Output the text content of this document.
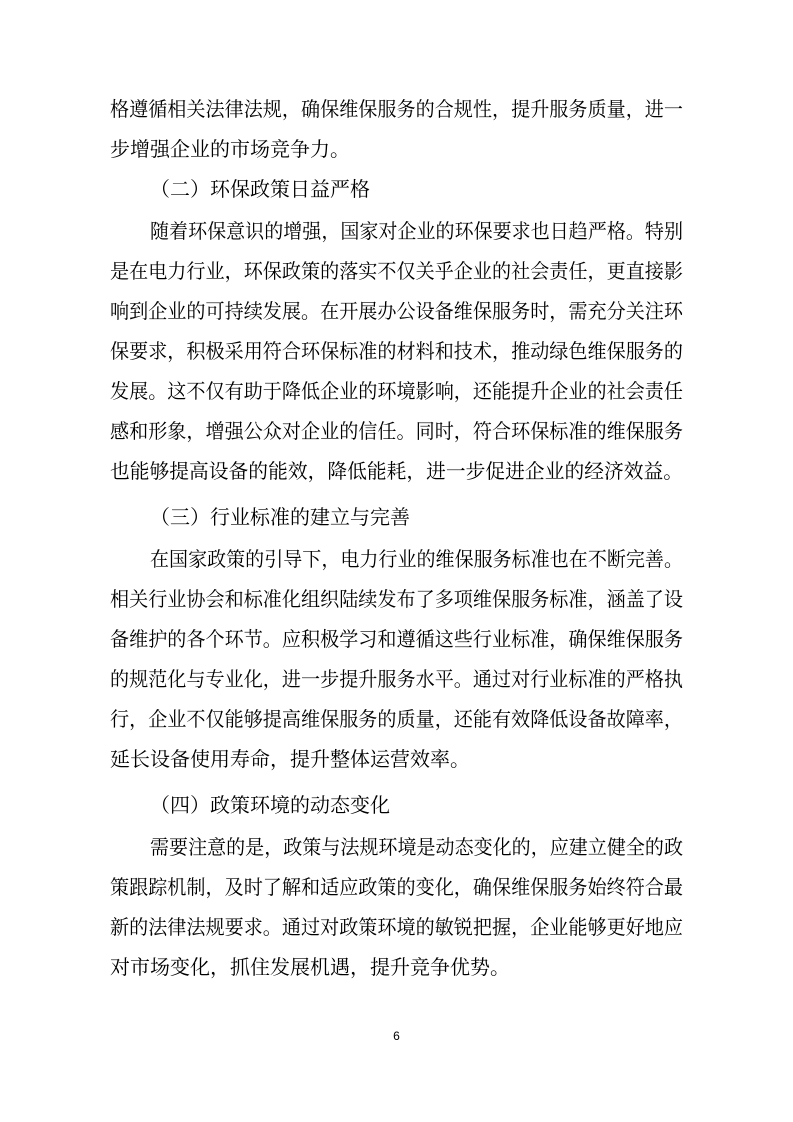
格遵循相关法律法规，确保维保服务的合规性，提升服务质量，进一
步增强企业的市场竞争力。
（二）环保政策日益严格
随着环保意识的增强，国家对企业的环保要求也日趋严格。特别
是在电力行业，环保政策的落实不仅关乎企业的社会责任，更直接影
响到企业的可持续发展。在开展办公设备维保服务时，需充分关注环
保要求，积极采用符合环保标准的材料和技术，推动绿色维保服务的
发展。这不仅有助于降低企业的环境影响，还能提升企业的社会责任
感和形象，增强公众对企业的信任。同时，符合环保标准的维保服务
也能够提高设备的能效，降低能耗，进一步促进企业的经济效益。
（三）行业标准的建立与完善
在国家政策的引导下，电力行业的维保服务标准也在不断完善。
相关行业协会和标准化组织陆续发布了多项维保服务标准，涵盖了设
备维护的各个环节。应积极学习和遵循这些行业标准，确保维保服务
的规范化与专业化，进一步提升服务水平。通过对行业标准的严格执
行，企业不仅能够提高维保服务的质量，还能有效降低设备故障率，
延长设备使用寿命，提升整体运营效率。
（四）政策环境的动态变化
需要注意的是，政策与法规环境是动态变化的，应建立健全的政
策跟踪机制，及时了解和适应政策的变化，确保维保服务始终符合最
新的法律法规要求。通过对政策环境的敏锐把握，企业能够更好地应
对市场变化，抓住发展机遇，提升竞争优势。
6
